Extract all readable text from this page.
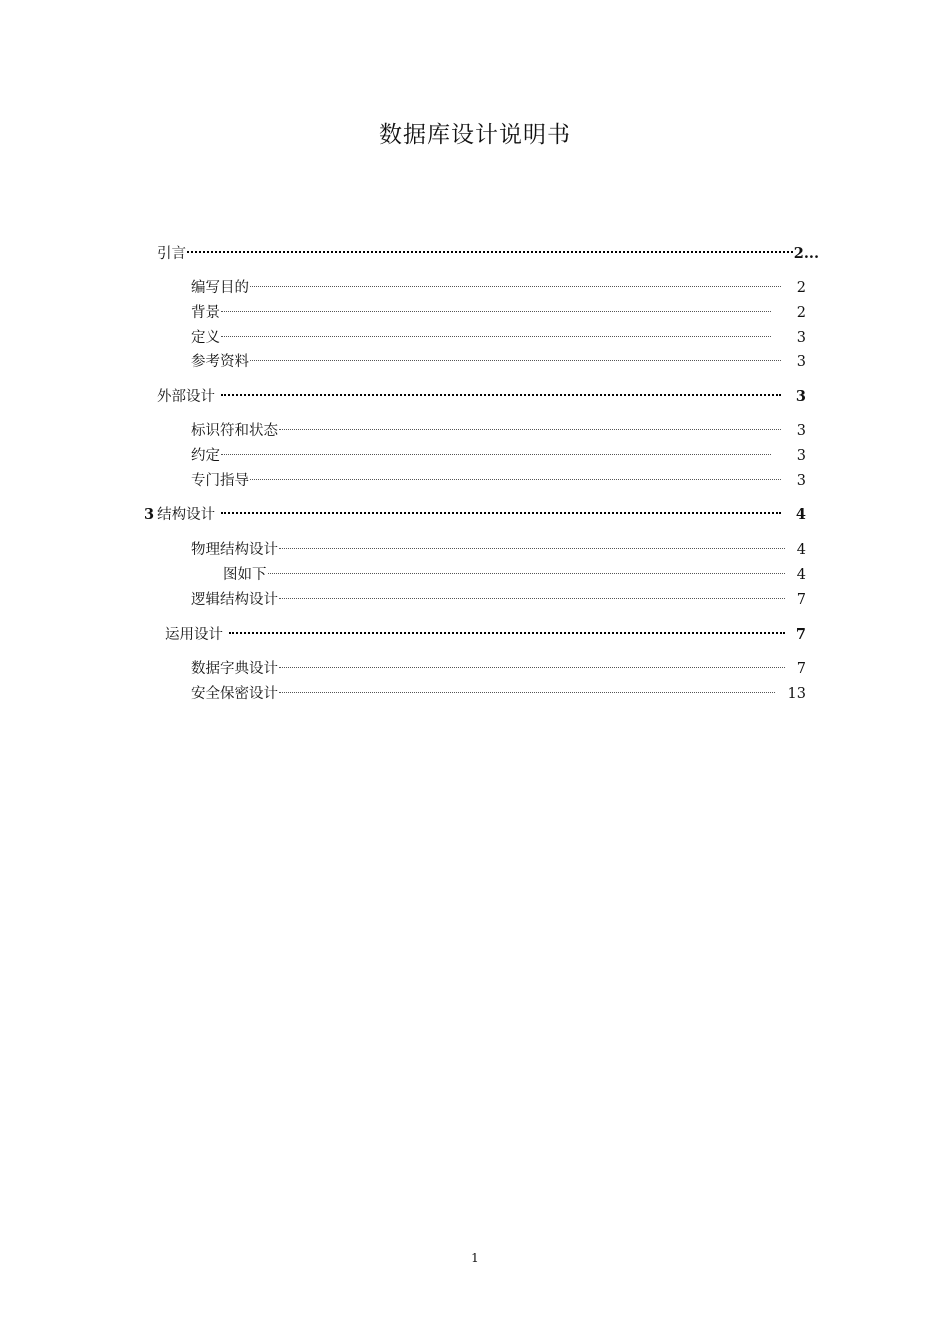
数据库设计说明书
引言	2...
编写目的	2
背景	2
定义	3
参考资料	3
外部设计	3
标识符和状态	3
约定	3
专门指导	3
3 结构设计	4
物理结构设计	4
图如下	4
逻辑结构设计	7
运用设计	7
数据字典设计	7
安全保密设计	13
1
